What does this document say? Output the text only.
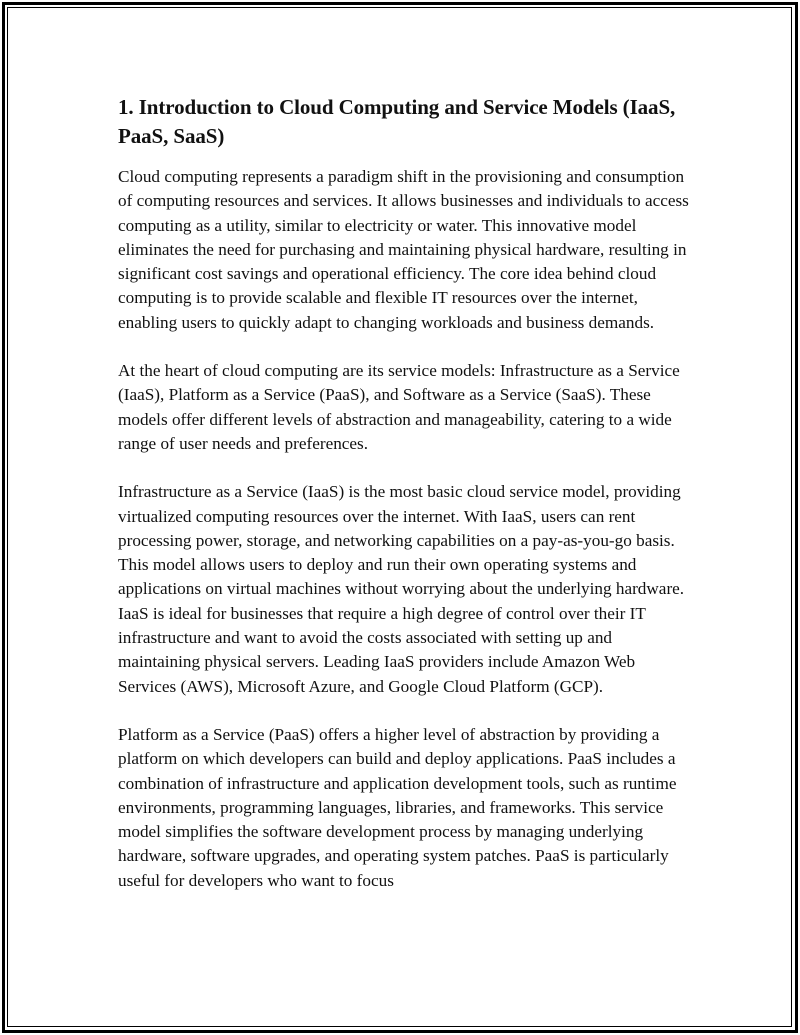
1. Introduction to Cloud Computing and Service Models (IaaS, PaaS, SaaS)

Cloud computing represents a paradigm shift in the provisioning and consumption of computing resources and services. It allows businesses and individuals to access computing as a utility, similar to electricity or water. This innovative model eliminates the need for purchasing and maintaining physical hardware, resulting in significant cost savings and operational efficiency. The core idea behind cloud computing is to provide scalable and flexible IT resources over the internet, enabling users to quickly adapt to changing workloads and business demands.

At the heart of cloud computing are its service models: Infrastructure as a Service (IaaS), Platform as a Service (PaaS), and Software as a Service (SaaS). These models offer different levels of abstraction and manageability, catering to a wide range of user needs and preferences.

Infrastructure as a Service (IaaS) is the most basic cloud service model, providing virtualized computing resources over the internet. With IaaS, users can rent processing power, storage, and networking capabilities on a pay-as-you-go basis. This model allows users to deploy and run their own operating systems and applications on virtual machines without worrying about the underlying hardware. IaaS is ideal for businesses that require a high degree of control over their IT infrastructure and want to avoid the costs associated with setting up and maintaining physical servers. Leading IaaS providers include Amazon Web Services (AWS), Microsoft Azure, and Google Cloud Platform (GCP).

Platform as a Service (PaaS) offers a higher level of abstraction by providing a platform on which developers can build and deploy applications. PaaS includes a combination of infrastructure and application development tools, such as runtime environments, programming languages, libraries, and frameworks. This service model simplifies the software development process by managing underlying hardware, software upgrades, and operating system patches. PaaS is particularly useful for developers who want to focus
